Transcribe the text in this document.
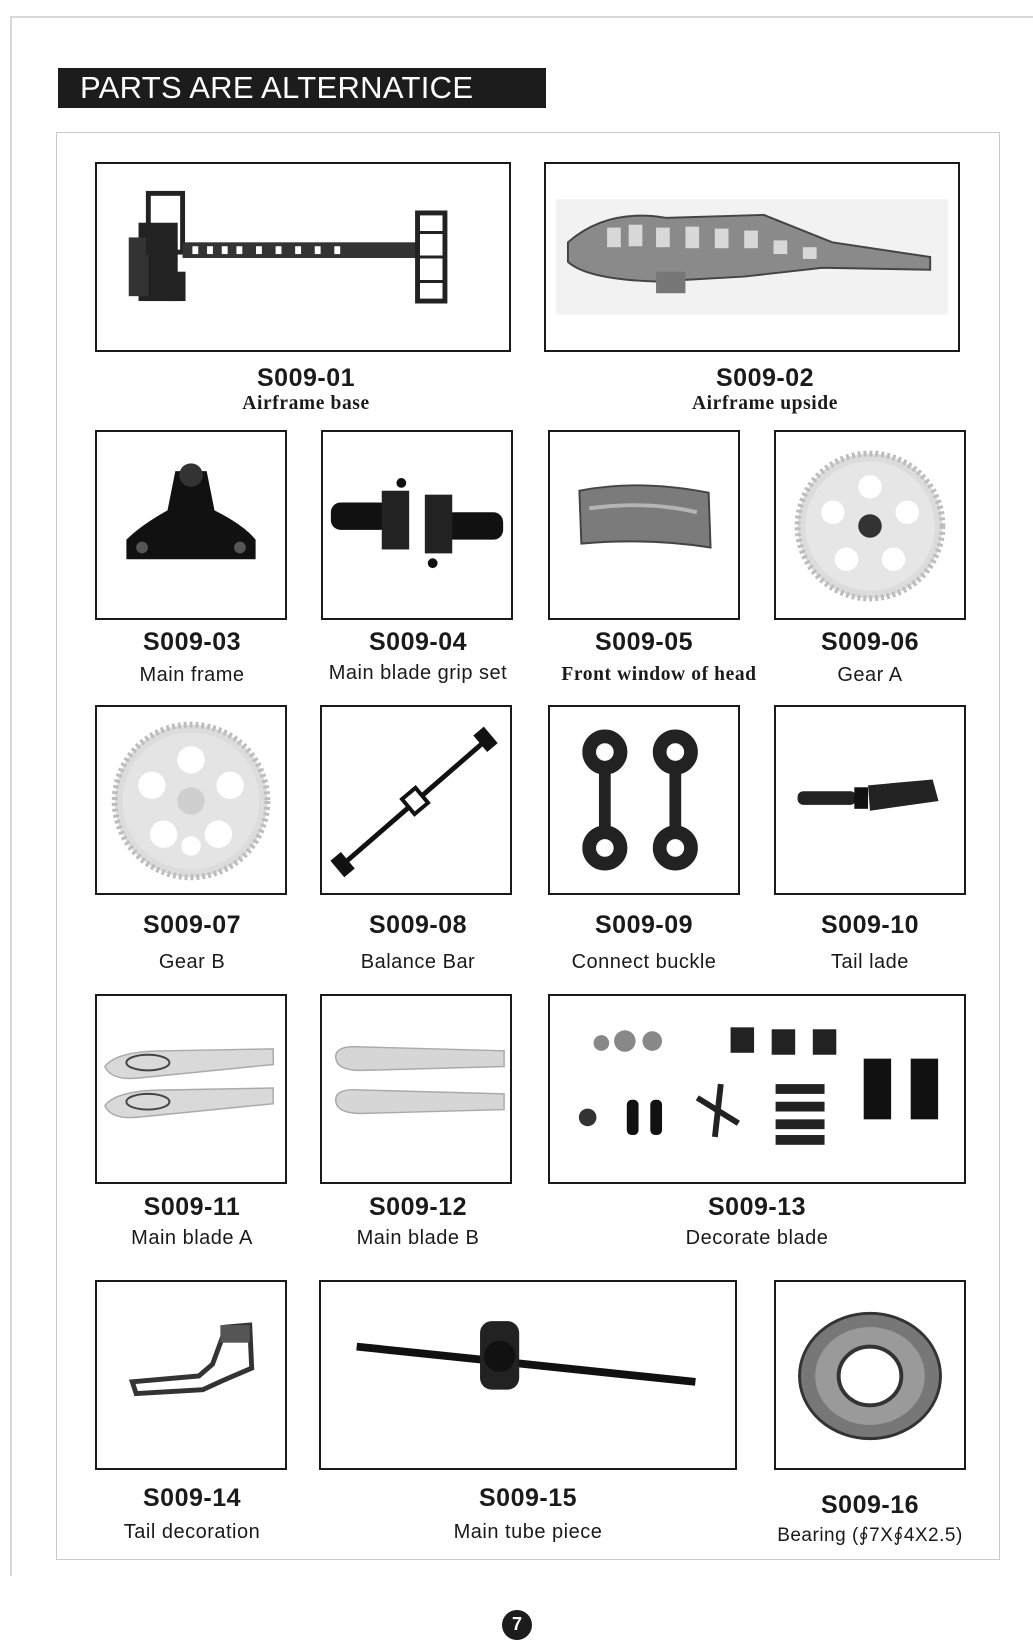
PARTS ARE ALTERNATICE
S009-01
Airframe base
S009-02
Airframe upside
S009-03
Main frame
S009-04
Main blade grip set
S009-05
Front window of head
S009-06
Gear A
S009-07
Gear B
S009-08
Balance Bar
S009-09
Connect buckle
S009-10
Tail lade
S009-11
Main blade A
S009-12
Main blade B
S009-13
Decorate blade
S009-14
Tail decoration
S009-15
Main tube piece
S009-16
Bearing (∮7X∮4X2.5)
7
